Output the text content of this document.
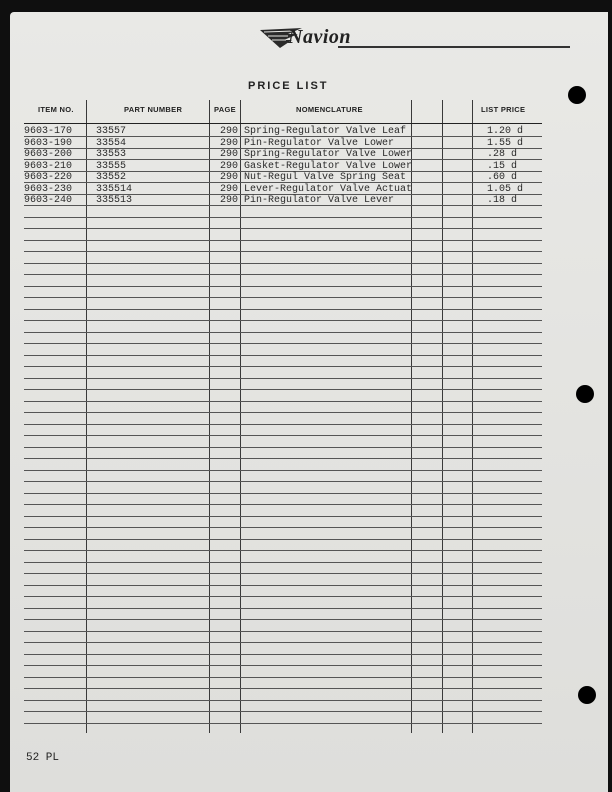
Navion
PRICE LIST
ITEM NO.	PART NUMBER	PAGE	NOMENCLATURE	LIST PRICE
9603-170 33557	290 Spring-Regulator Valve Leaf	1.20 d
9603-190 33554	290 Pin-Regulator Valve Lower	1.55 d
9603-200 33553	290 Spring-Regulator Valve Lower	.28 d
9603-210 33555	290 Gasket-Regulator Valve Lower	.15 d
9603-220 33552	290 Nut-Regul Valve Spring Seat	.60 d
9603-230 335514	290 Lever-Regulator Valve Actuat	1.05 d
9603-240 335513	290 Pin-Regulator Valve Lever	.18 d
52 PL
